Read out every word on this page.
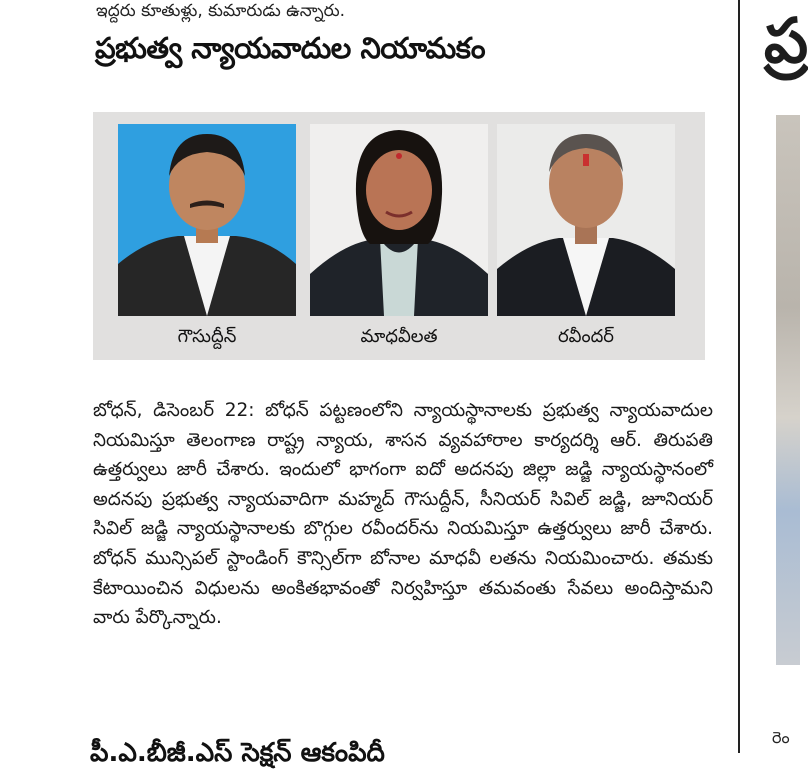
ఇద్దరు కూతుళ్లు, కుమారుడు ఉన్నారు.
ప్రభుత్వ న్యాయవాదుల నియామకం
గౌసుద్దీన్	మాధవీలత	రవీందర్
బోధన్, డిసెంబర్ 22: బోధన్ పట్టణంలోని న్యాయస్థానాలకు ప్రభుత్వ న్యాయవాదుల నియమిస్తూ తెలంగాణ రాష్ట్ర న్యాయ, శాసన వ్యవహారాల కార్యదర్శి ఆర్. తిరుపతి ఉత్తర్వులు జారీ చేశారు. ఇందులో భాగంగా ఐదో అదనపు జిల్లా జడ్జి న్యాయస్థానంలో అదనపు ప్రభుత్వ న్యాయవాదిగా మహ్మద్ గౌసుద్దీన్, సీనియర్ సివిల్ జడ్జి, జూనియర్ సివిల్ జడ్జి న్యాయస్థానాలకు బొగ్గుల రవీందర్‌ను నియమిస్తూ ఉత్తర్వులు జారీ చేశారు. బోధన్ మున్సిపల్ స్టాండింగ్ కౌన్సిల్‌గా బోనాల మాధవీ లతను నియమించారు. తమకు కేటాయించిన విధులను అంకితభావంతో నిర్వహిస్తూ తమవంతు సేవలు అందిస్తామని వారు పేర్కొన్నారు.
పీ.ఎ.బీజీ.ఎస్ సెక్షన్ ఆకంపిదీ
ప్ర
రెం
